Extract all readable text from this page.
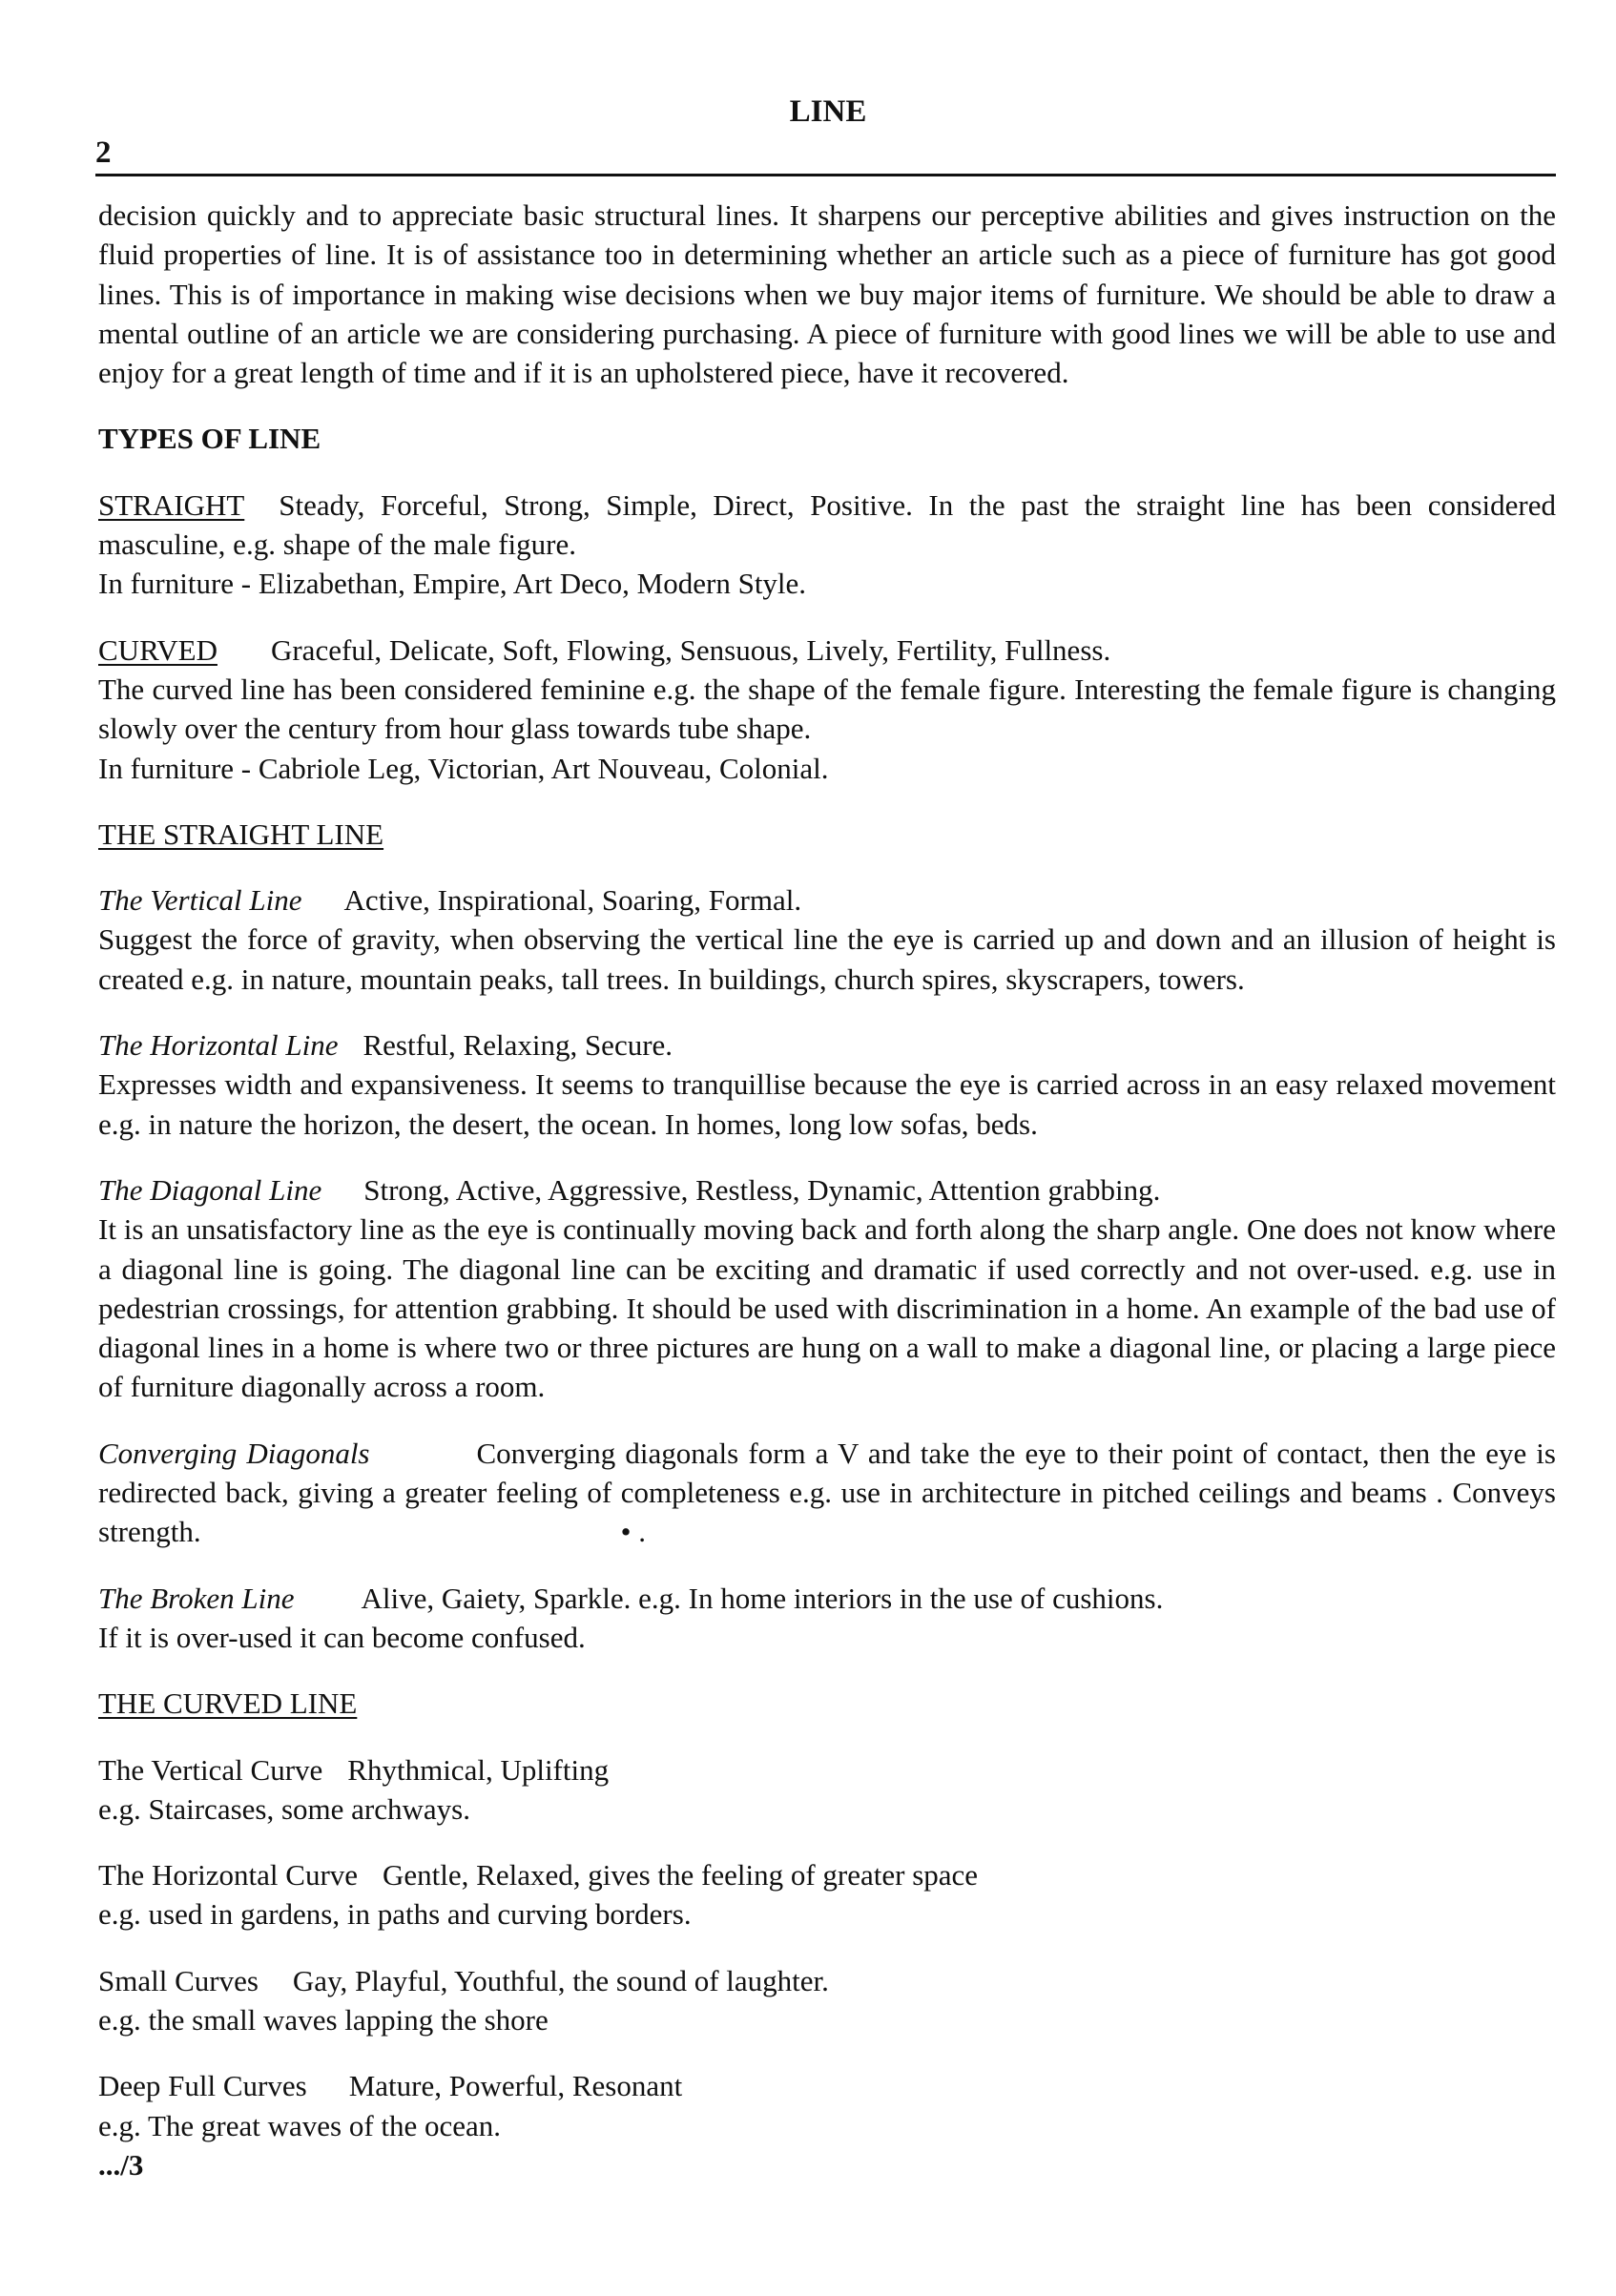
LINE
2

decision quickly and to appreciate basic structural lines. It sharpens our perceptive abilities and gives instruction on the fluid properties of line. It is of assistance too in determining whether an article such as a piece of furniture has got good lines. This is of importance in making wise decisions when we buy major items of furniture. We should be able to draw a mental outline of an article we are considering purchasing. A piece of furniture with good lines we will be able to use and enjoy for a great length of time and if it is an upholstered piece, have it recovered.

TYPES OF LINE

STRAIGHT Steady, Forceful, Strong, Simple, Direct, Positive. In the past the straight line has been considered masculine, e.g. shape of the male figure.

In furniture - Elizabethan, Empire, Art Deco, Modern Style.

CURVED Graceful, Delicate, Soft, Flowing, Sensuous, Lively, Fertility, Fullness.

The curved line has been considered feminine e.g. the shape of the female figure. Interesting the female figure is changing slowly over the century from hour glass towards tube shape.

In furniture - Cabriole Leg, Victorian, Art Nouveau, Colonial.

THE STRAIGHT LINE

The Vertical Line Active, Inspirational, Soaring, Formal.

Suggest the force of gravity, when observing the vertical line the eye is carried up and down and an illusion of height is created e.g. in nature, mountain peaks, tall trees. In buildings, church spires, skyscrapers, towers.

The Horizontal Line Restful, Relaxing, Secure.

Expresses width and expansiveness. It seems to tranquillise because the eye is carried across in an easy relaxed movement e.g. in nature the horizon, the desert, the ocean. In homes, long low sofas, beds.

The Diagonal Line Strong, Active, Aggressive, Restless, Dynamic, Attention grabbing.

It is an unsatisfactory line as the eye is continually moving back and forth along the sharp angle. One does not know where a diagonal line is going. The diagonal line can be exciting and dramatic if used correctly and not over-used. e.g. use in pedestrian crossings, for attention grabbing. It should be used with discrimination in a home. An example of the bad use of diagonal lines in a home is where two or three pictures are hung on a wall to make a diagonal line, or placing a large piece of furniture diagonally across a room.

Converging Diagonals	Converging diagonals form a V and take the eye to their point of contact, then the eye is redirected back, giving a greater feeling of completeness e.g. use in architecture in pitched ceilings and beams . Conveys strength.	• .

The Broken Line Alive, Gaiety, Sparkle. e.g. In home interiors in the use of cushions.

If it is over-used it can become confused.

THE CURVED LINE

The Vertical Curve Rhythmical, Uplifting

e.g. Staircases, some archways.

The Horizontal Curve Gentle, Relaxed, gives the feeling of greater space

e.g. used in gardens, in paths and curving borders.

Small Curves Gay, Playful, Youthful, the sound of laughter.

e.g. the small waves lapping the shore

Deep Full Curves Mature, Powerful, Resonant

e.g. The great waves of the ocean.

.../3
